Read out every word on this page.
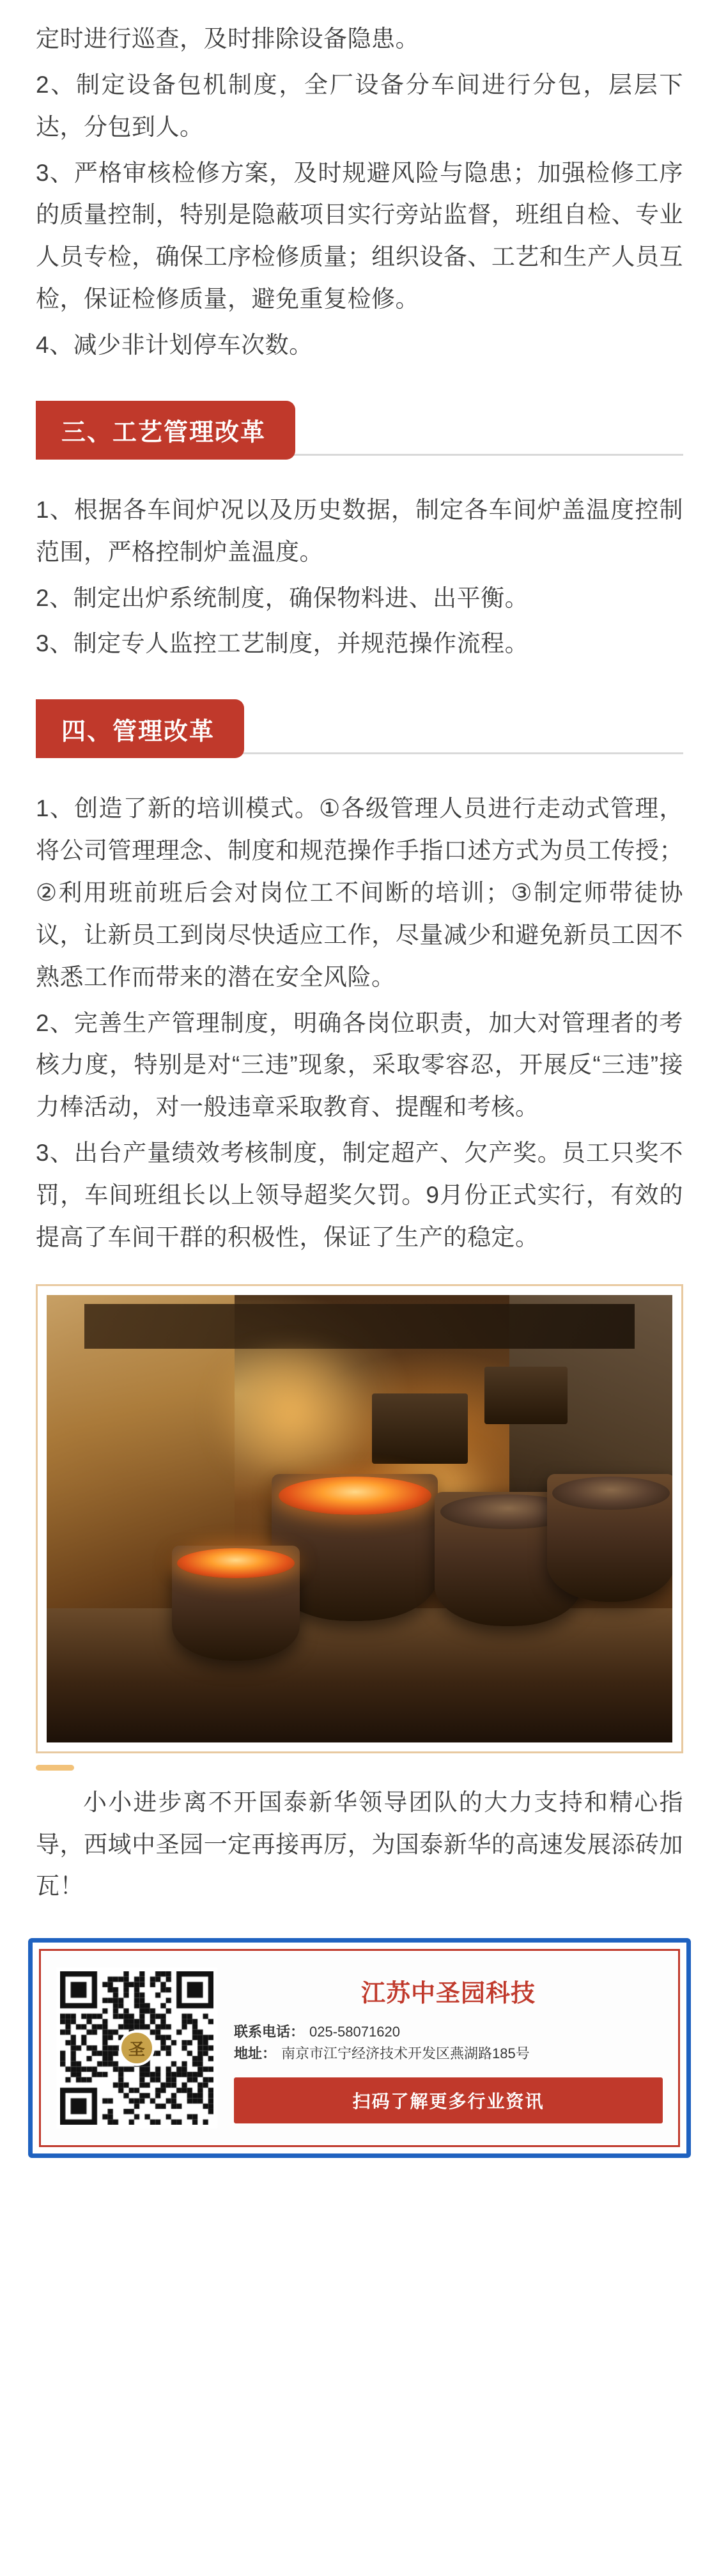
定时进行巡查，及时排除设备隐患。

2、制定设备包机制度，全厂设备分车间进行分包，层层下达，分包到人。

3、严格审核检修方案，及时规避风险与隐患；加强检修工序的质量控制，特别是隐蔽项目实行旁站监督，班组自检、专业人员专检，确保工序检修质量；组织设备、工艺和生产人员互检，保证检修质量，避免重复检修。

4、减少非计划停车次数。

三、工艺管理改革

1、根据各车间炉况以及历史数据，制定各车间炉盖温度控制范围，严格控制炉盖温度。

2、制定出炉系统制度，确保物料进、出平衡。

3、制定专人监控工艺制度，并规范操作流程。

四、管理改革

1、创造了新的培训模式。①各级管理人员进行走动式管理，将公司管理理念、制度和规范操作手指口述方式为员工传授；②利用班前班后会对岗位工不间断的培训；③制定师带徒协议，让新员工到岗尽快适应工作，尽量减少和避免新员工因不熟悉工作而带来的潜在安全风险。

2、完善生产管理制度，明确各岗位职责，加大对管理者的考核力度，特别是对“三违”现象，采取零容忍，开展反“三违”接力棒活动，对一般违章采取教育、提醒和考核。

3、出台产量绩效考核制度，制定超产、欠产奖。员工只奖不罚，车间班组长以上领导超奖欠罚。9月份正式实行，有效的提高了车间干群的积极性，保证了生产的稳定。

小小进步离不开国泰新华领导团队的大力支持和精心指导，西域中圣园一定再接再厉，为国泰新华的高速发展添砖加瓦！

圣
江苏中圣园科技
联系电话： 025-58071620
地址： 南京市江宁经济技术开发区燕湖路185号
扫码了解更多行业资讯
